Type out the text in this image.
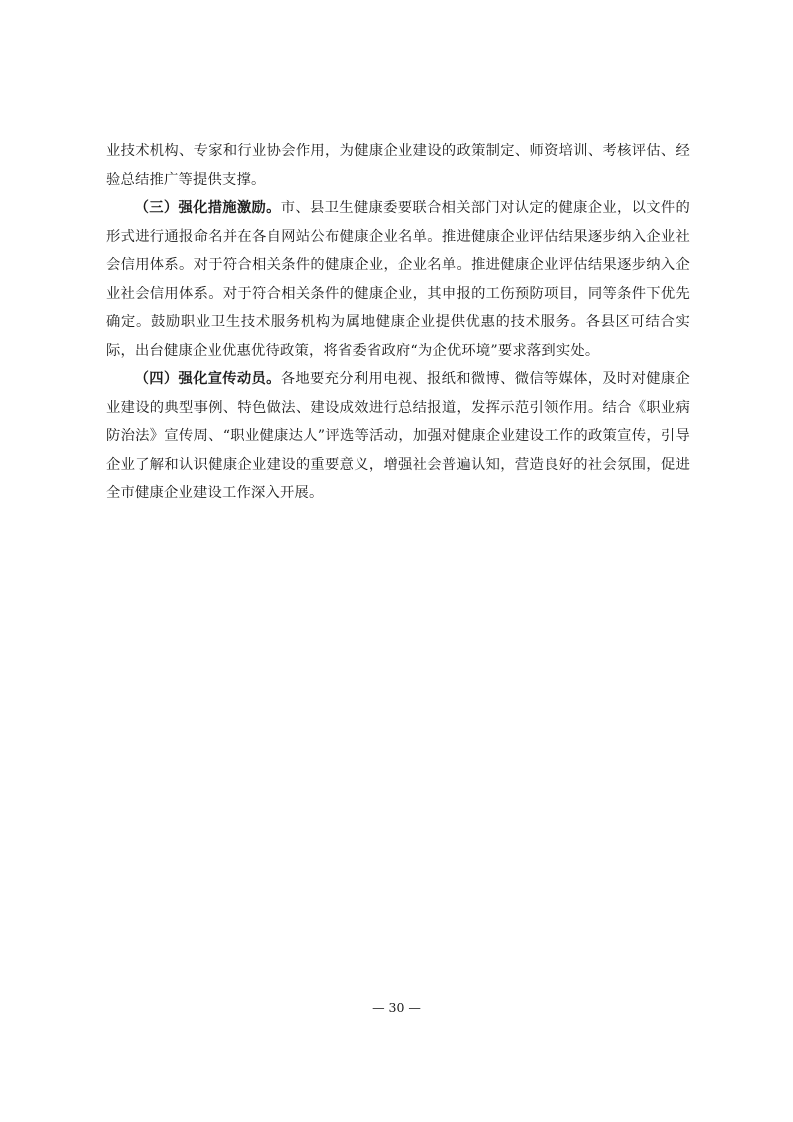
业技术机构、专家和行业协会作用，为健康企业建设的政策制定、师资培训、考核评估、经验总结推广等提供支撑。

（三）强化措施激励。市、县卫生健康委要联合相关部门对认定的健康企业，以文件的形式进行通报命名并在各自网站公布健康企业名单。推进健康企业评估结果逐步纳入企业社会信用体系。对于符合相关条件的健康企业，企业名单。推进健康企业评估结果逐步纳入企业社会信用体系。对于符合相关条件的健康企业，其申报的工伤预防项目，同等条件下优先确定。鼓励职业卫生技术服务机构为属地健康企业提供优惠的技术服务。各县区可结合实际，出台健康企业优惠优待政策，将省委省政府“为企优环境”要求落到实处。

（四）强化宣传动员。各地要充分利用电视、报纸和微博、微信等媒体，及时对健康企业建设的典型事例、特色做法、建设成效进行总结报道，发挥示范引领作用。结合《职业病防治法》宣传周、“职业健康达人”评选等活动，加强对健康企业建设工作的政策宣传，引导企业了解和认识健康企业建设的重要意义，增强社会普遍认知，营造良好的社会氛围，促进全市健康企业建设工作深入开展。

— 30 —
